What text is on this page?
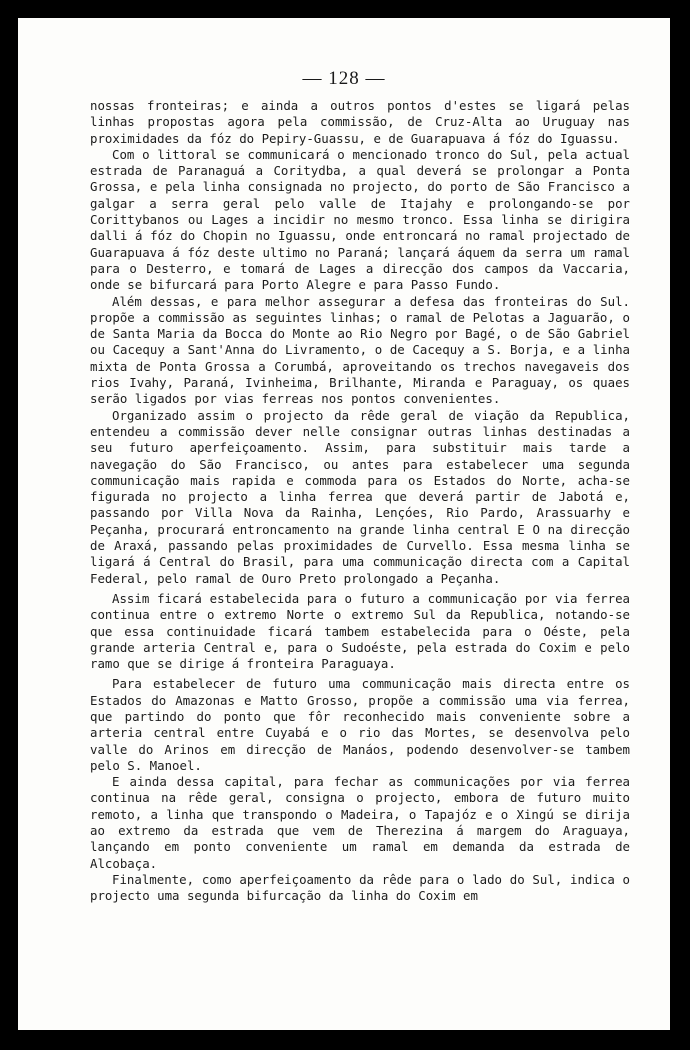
— 128 —

nossas fronteiras; e ainda a outros pontos d'estes se ligará pelas linhas propostas agora pela commissão, de Cruz-Alta ao Uruguay nas proximidades da fóz do Pepiry-Guassu, e de Guarapuava á fóz do Iguassu.

Com o littoral se communicará o mencionado tronco do Sul, pela actual estrada de Paranaguá a Coritydba, a qual deverá se prolongar a Ponta Grossa, e pela linha consignada no projecto, do porto de São Francisco a galgar a serra geral pelo valle de Itajahy e prolongando-se por Corittybanos ou Lages a incidir no mesmo tronco. Essa linha se dirigira dalli á fóz do Chopin no Iguassu, onde entroncará no ramal projectado de Guarapuava á fóz deste ultimo no Paraná; lançará áquem da serra um ramal para o Desterro, e tomará de Lages a direcção dos campos da Vaccaria, onde se bifurcará para Porto Alegre e para Passo Fundo.

Além dessas, e para melhor assegurar a defesa das fronteiras do Sul. propõe a commissão as seguintes linhas; o ramal de Pelotas a Jaguarão, o de Santa Maria da Bocca do Monte ao Rio Negro por Bagé, o de São Gabriel ou Cacequy a Sant'Anna do Livramento, o de Cacequy a S. Borja, e a linha mixta de Ponta Grossa a Corumbá, aproveitando os trechos navegaveis dos rios Ivahy, Paraná, Ivinheima, Brilhante, Miranda e Paraguay, os quaes serão ligados por vias ferreas nos pontos convenientes.

Organizado assim o projecto da rêde geral de viação da Republica, entendeu a commissão dever nelle consignar outras linhas destinadas a seu futuro aperfeiçoamento. Assim, para substituir mais tarde a navegação do São Francisco, ou antes para estabelecer uma segunda communicação mais rapida e commoda para os Estados do Norte, acha-se figurada no projecto a linha ferrea que deverá partir de Jabotá e, passando por Villa Nova da Rainha, Lençóes, Rio Pardo, Arassuarhy e Peçanha, procurará entroncamento na grande linha central E O na direcção de Araxá, passando pelas proximidades de Curvello. Essa mesma linha se ligará á Central do Brasil, para uma communicação directa com a Capital Federal, pelo ramal de Ouro Preto prolongado a Peçanha.

Assim ficará estabelecida para o futuro a communicação por via ferrea continua entre o extremo Norte o extremo Sul da Republica, notando-se que essa continuidade ficará tambem estabelecida para o Oéste, pela grande arteria Central e, para o Sudoéste, pela estrada do Coxim e pelo ramo que se dirige á fronteira Paraguaya.

Para estabelecer de futuro uma communicação mais directa entre os Estados do Amazonas e Matto Grosso, propõe a commissão uma via ferrea, que partindo do ponto que fôr reconhecido mais conveniente sobre a arteria central entre Cuyabá e o rio das Mortes, se desenvolva pelo valle do Arinos em direcção de Manáos, podendo desenvolver-se tambem pelo S. Manoel.

E ainda dessa capital, para fechar as communicações por via ferrea continua na rêde geral, consigna o projecto, embora de futuro muito remoto, a linha que transpondo o Madeira, o Tapajóz e o Xingú se dirija ao extremo da estrada que vem de Therezina á margem do Araguaya, lançando em ponto conveniente um ramal em demanda da estrada de Alcobaça.

Finalmente, como aperfeiçoamento da rêde para o lado do Sul, indica o projecto uma segunda bifurcação da linha do Coxim em
